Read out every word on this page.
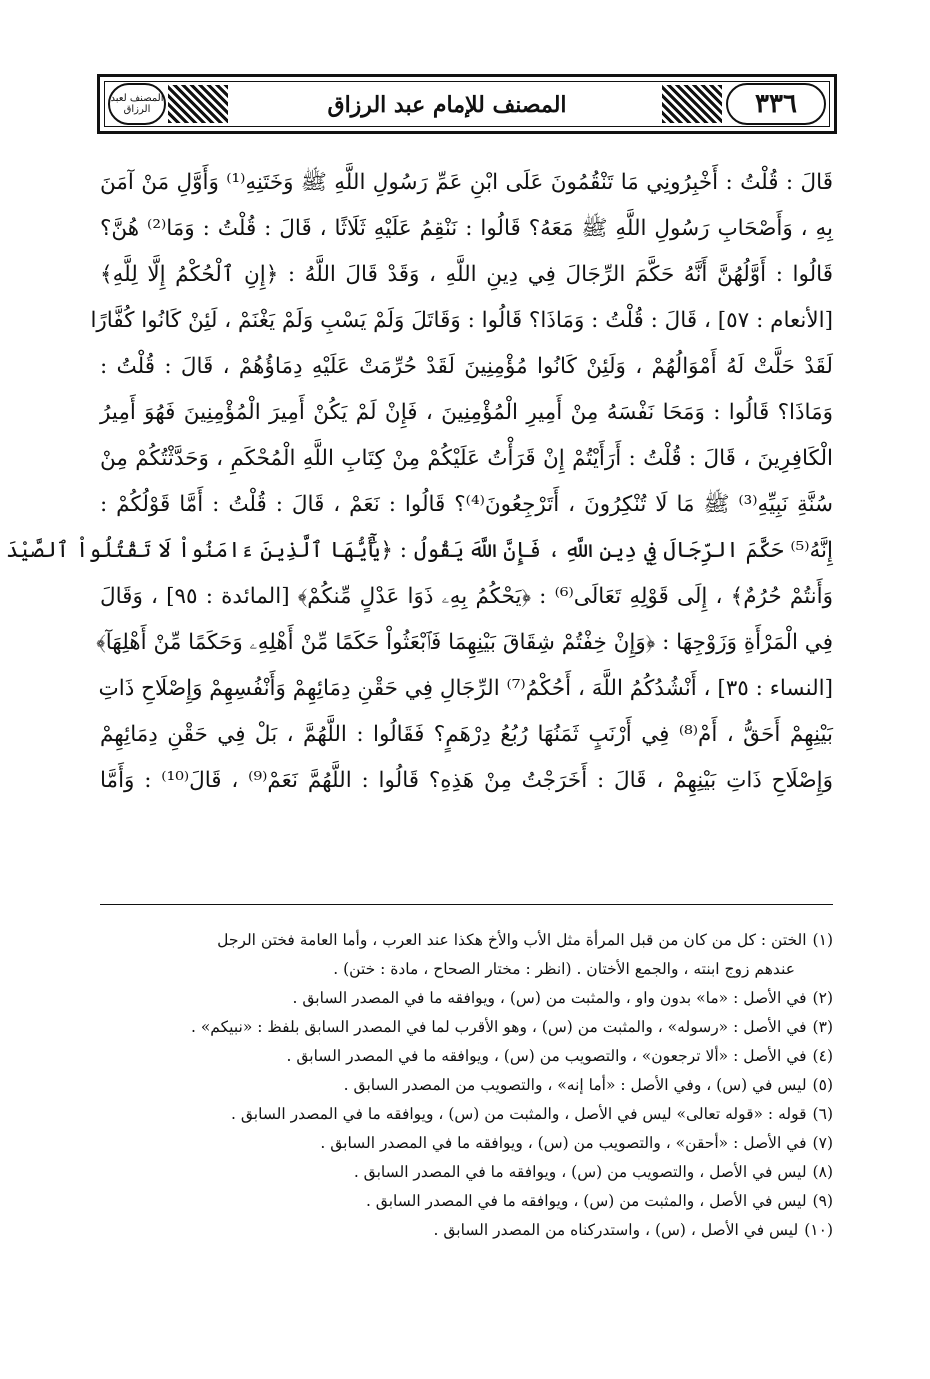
٣٣٦
المصنف للإمام عبد الرزاق
المصنف لعبد الرزاق
قَالَ : قُلْتُ : أَخْبِرُونِي مَا تَنْقُمُونَ عَلَى ابْنِ عَمِّ رَسُولِ اللَّهِ ﷺ وَخَتَنِهِ⁽¹⁾ وَأَوَّلِ مَنْ آمَنَ
بِهِ ، وَأَصْحَابِ رَسُولِ اللَّهِ ﷺ مَعَهُ؟ قَالُوا : نَنْقِمُ عَلَيْهِ ثَلَاثًا ، قَالَ : قُلْتُ : وَمَا⁽²⁾ هُنَّ؟
قَالُوا : أَوَّلُهُنَّ أَنَّهُ حَكَّمَ الرِّجَالَ فِي دِينِ اللَّهِ ، وَقَدْ قَالَ اللَّهُ : ﴿إِنِ ٱلْحُكْمُ إِلَّا لِلَّهِ﴾
[الأنعام : ٥٧] ، قَالَ : قُلْتُ : وَمَاذَا؟ قَالُوا : وَقَاتَلَ وَلَمْ يَسْبِ وَلَمْ يَغْنَمْ ، لَئِنْ كَانُوا كُفَّارًا
لَقَدْ حَلَّتْ لَهُ أَمْوَالُهُمْ ، وَلَئِنْ كَانُوا مُؤْمِنِينَ لَقَدْ حُرِّمَتْ عَلَيْهِ دِمَاؤُهُمْ ، قَالَ : قُلْتُ :
وَمَاذَا؟ قَالُوا : وَمَحَا نَفْسَهُ مِنْ أَمِيرِ الْمُؤْمِنِينَ ، فَإِنْ لَمْ يَكُنْ أَمِيرَ الْمُؤْمِنِينَ فَهُوَ أَمِيرُ
الْكَافِرِينَ ، قَالَ : قُلْتُ : أَرَأَيْتُمْ إِنْ قَرَأْتُ عَلَيْكُمْ مِنْ كِتَابِ اللَّهِ الْمُحْكَمِ ، وَحَدَّثْتُكُمْ مِنْ
سُنَّةِ نَبِيِّهِ⁽³⁾ ﷺ مَا لَا تُنْكِرُونَ ، أَتَرْجِعُونَ⁽⁴⁾؟ قَالُوا : نَعَمْ ، قَالَ : قُلْتُ : أَمَّا قَوْلُكُمْ :
إِنَّهُ⁽⁵⁾ حَكَّمَ الرِّجَالَ فِي دِينِ اللَّهِ ، فَإِنَّ اللَّهَ يَقُولُ : ﴿يَٰٓأَيُّهَا ٱلَّذِينَ ءَامَنُواْ لَا تَقْتُلُواْ ٱلصَّيْدَ
وَأَنتُمْ حُرُمٌ﴾ ، إِلَى قَوْلِهِ تَعَالَى⁽⁶⁾ : ﴿يَحْكُمُ بِهِۦ ذَوَا عَدْلٍ مِّنكُمْ﴾ [المائدة : ٩٥] ، وَقَالَ
فِي الْمَرْأَةِ وَزَوْجِهَا : ﴿وَإِنْ خِفْتُمْ شِقَاقَ بَيْنِهِمَا فَٱبْعَثُواْ حَكَمًا مِّنْ أَهْلِهِۦ وَحَكَمًا مِّنْ أَهْلِهَآ﴾
[النساء : ٣٥] ، أَنْشُدُكُمُ اللَّهَ ، أَحُكْمُ⁽⁷⁾ الرِّجَالِ فِي حَقْنِ دِمَائِهِمْ وَأَنْفُسِهِمْ وَإِصْلَاحِ ذَاتِ
بَيْنِهِمْ أَحَقُّ ، أَمْ⁽⁸⁾ فِي أَرْنَبٍ ثَمَنُهَا رُبُعُ دِرْهَمٍ؟ فَقَالُوا : اللَّهُمَّ ، بَلْ فِي حَقْنِ دِمَائِهِمْ
وَإِصْلَاحِ ذَاتِ بَيْنِهِمْ ، قَالَ : أَخَرَجْتُ مِنْ هَذِهِ؟ قَالُوا : اللَّهُمَّ نَعَمْ⁽⁹⁾ ، قَالَ⁽¹⁰⁾ : وَأَمَّا
(١)الختن : كل من كان من قبل المرأة مثل الأب والأخ هكذا عند العرب ، وأما العامة فختن الرجل
عندهم زوج ابنته ، والجمع الأختان . (انظر : مختار الصحاح ، مادة : ختن) .
(٢)في الأصل : «ما» بدون واو ، والمثبت من (س) ، ويوافقه ما في المصدر السابق .
(٣)في الأصل : «رسوله» ، والمثبت من (س) ، وهو الأقرب لما في المصدر السابق بلفظ : «نبيكم» .
(٤)في الأصل : «ألا ترجعون» ، والتصويب من (س) ، ويوافقه ما في المصدر السابق .
(٥)ليس في (س) ، وفي الأصل : «أما إنه» ، والتصويب من المصدر السابق .
(٦)قوله : «قوله تعالى» ليس في الأصل ، والمثبت من (س) ، ويوافقه ما في المصدر السابق .
(٧)في الأصل : «أحقن» ، والتصويب من (س) ، ويوافقه ما في المصدر السابق .
(٨)ليس في الأصل ، والتصويب من (س) ، ويوافقه ما في المصدر السابق .
(٩)ليس في الأصل ، والمثبت من (س) ، ويوافقه ما في المصدر السابق .
(١٠)ليس في الأصل ، (س) ، واستدركناه من المصدر السابق .
